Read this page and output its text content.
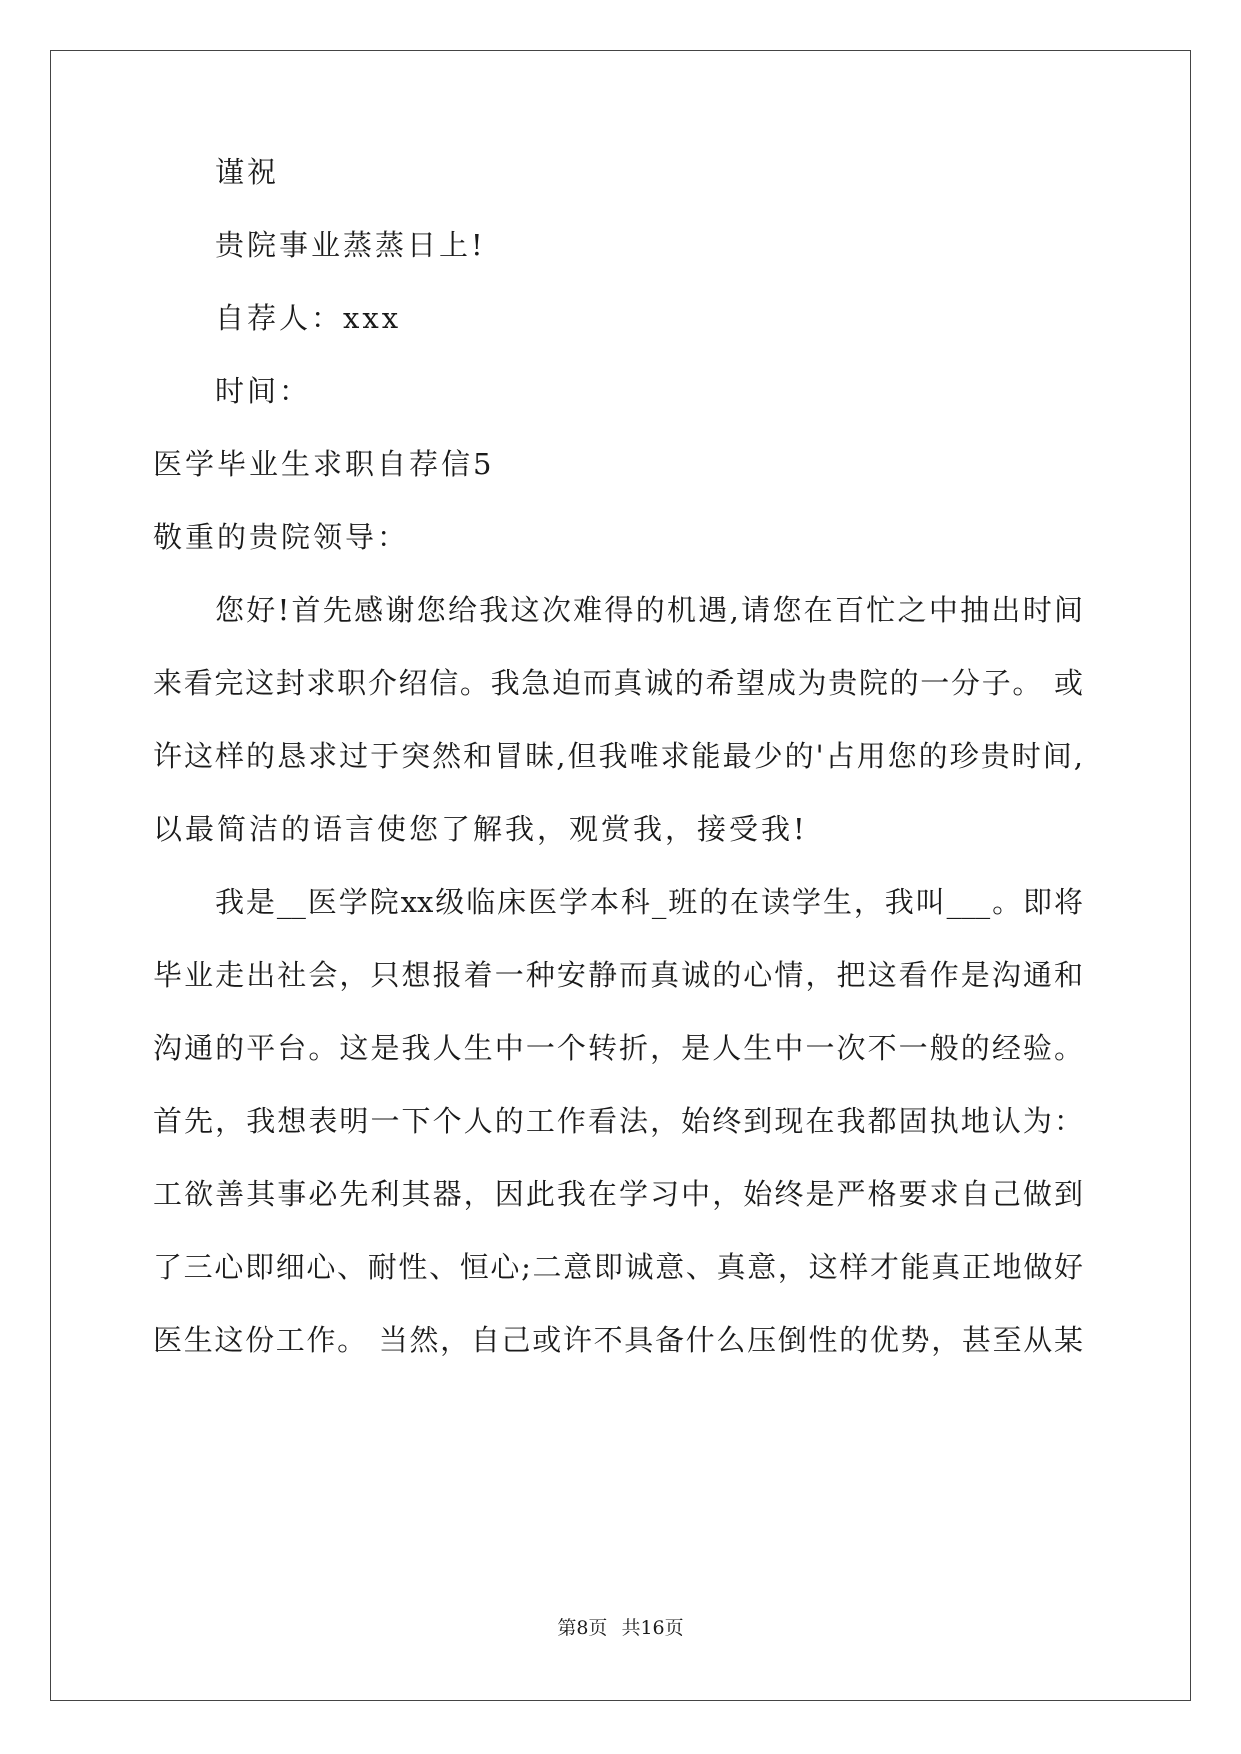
谨祝
贵院事业蒸蒸日上!
自荐人：xxx
时间：
医学毕业生求职自荐信5
敬重的贵院领导：
您好!首先感谢您给我这次难得的机遇,请您在百忙之中抽出时间
来看完这封求职介绍信。我急迫而真诚的希望成为贵院的一分子。 或
许这样的恳求过于突然和冒昧,但我唯求能最少的'占用您的珍贵时间,
以最简洁的语言使您了解我，观赏我，接受我!
我是__医学院xx级临床医学本科_班的在读学生，我叫___。即将
毕业走出社会，只想报着一种安静而真诚的心情，把这看作是沟通和
沟通的平台。这是我人生中一个转折，是人生中一次不一般的经验。
首先，我想表明一下个人的工作看法，始终到现在我都固执地认为：
工欲善其事必先利其器，因此我在学习中，始终是严格要求自己做到
了三心即细心、耐性、恒心;二意即诚意、真意，这样才能真正地做好
医生这份工作。 当然，自己或许不具备什么压倒性的优势，甚至从某
第8页 共16页
